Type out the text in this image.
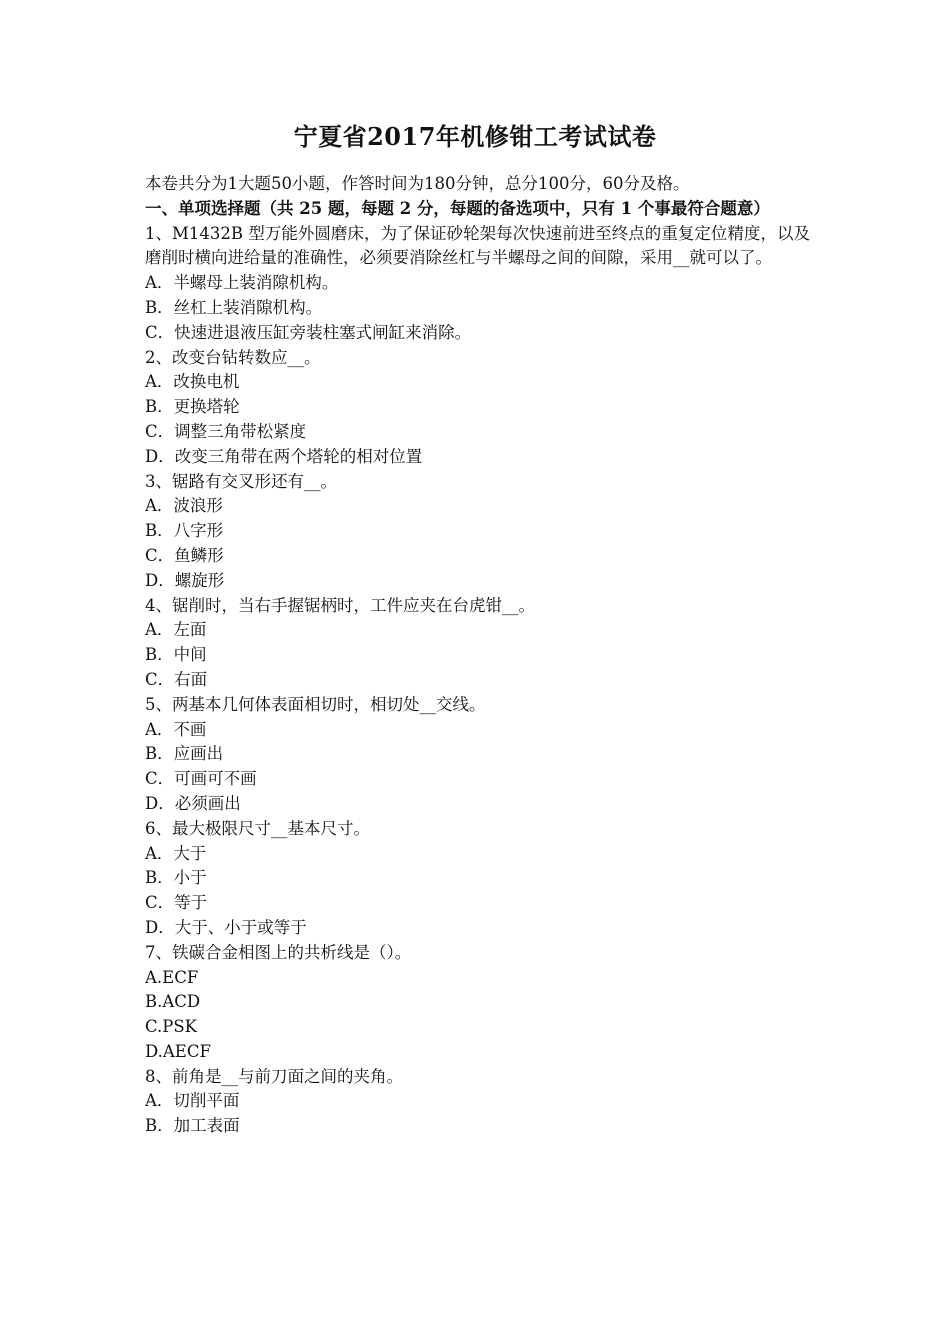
宁夏省2017年机修钳工考试试卷

本卷共分为1大题50小题，作答时间为180分钟，总分100分，60分及格。

一、单项选择题（共 25 题，每题 2 分，每题的备选项中，只有 1 个事最符合题意）

1、M1432B 型万能外圆磨床，为了保证砂轮架每次快速前进至终点的重复定位精度，以及磨削时横向进给量的准确性，必须要消除丝杠与半螺母之间的间隙，采用__就可以了。

A．半螺母上装消隙机构。

B．丝杠上装消隙机构。

C．快速进退液压缸旁装柱塞式闸缸来消除。

2、改变台钻转数应__。

A．改换电机

B．更换塔轮

C．调整三角带松紧度

D．改变三角带在两个塔轮的相对位置

3、锯路有交叉形还有__。

A．波浪形

B．八字形

C．鱼鳞形

D．螺旋形

4、锯削时，当右手握锯柄时，工件应夹在台虎钳__。

A．左面

B．中间

C．右面

5、两基本几何体表面相切时，相切处__交线。

A．不画

B．应画出

C．可画可不画

D．必须画出

6、最大极限尺寸__基本尺寸。

A．大于

B．小于

C．等于

D．大于、小于或等于

7、铁碳合金相图上的共析线是（）。

A.ECF

B.ACD

C.PSK

D.AECF

8、前角是__与前刀面之间的夹角。

A．切削平面

B．加工表面
